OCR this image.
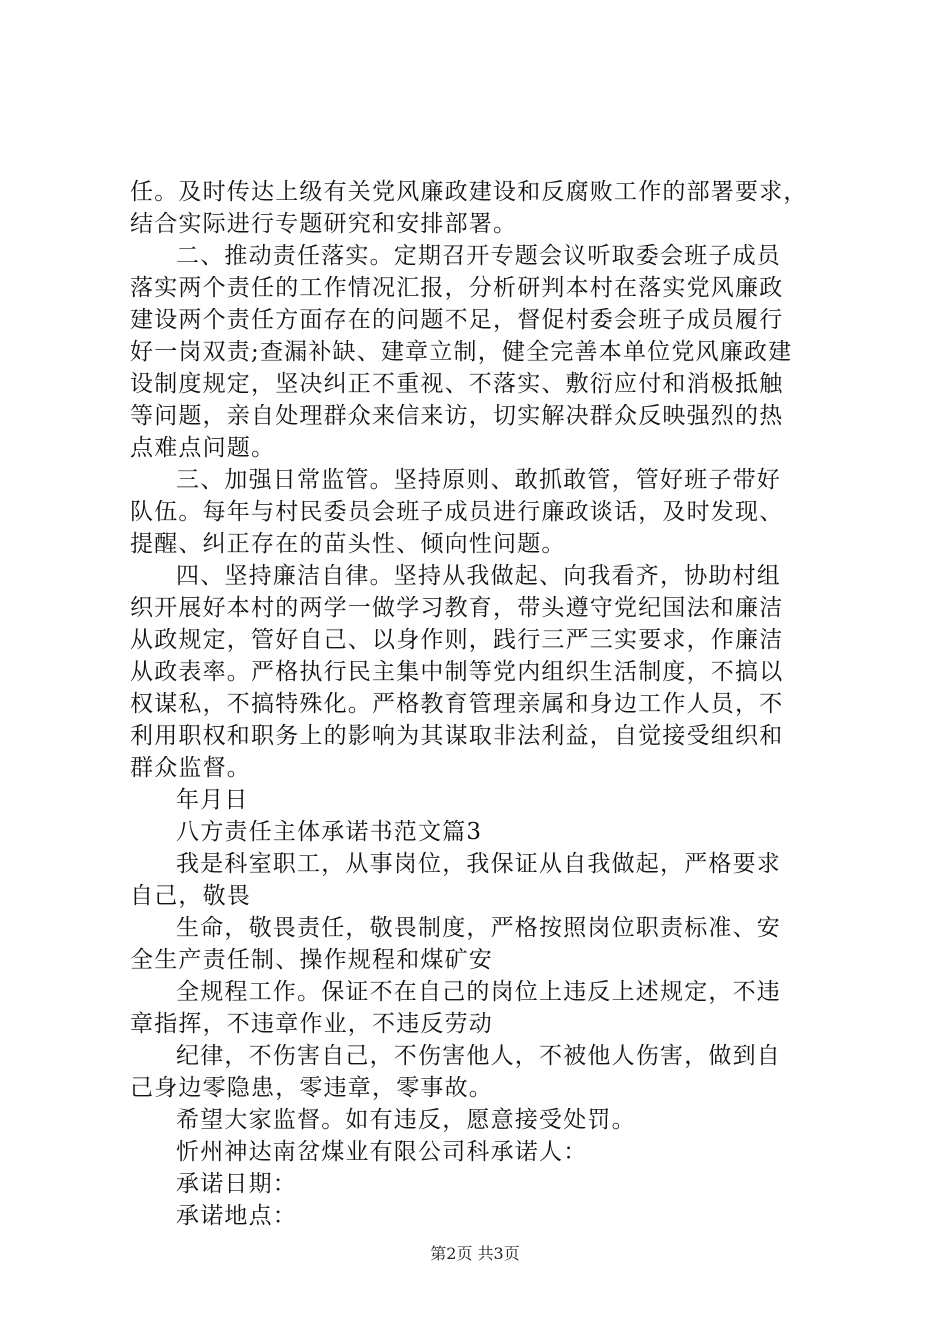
任。及时传达上级有关党风廉政建设和反腐败工作的部署要求，
结合实际进行专题研究和安排部署。
二、推动责任落实。定期召开专题会议听取委会班子成员
落实两个责任的工作情况汇报，分析研判本村在落实党风廉政
建设两个责任方面存在的问题不足，督促村委会班子成员履行
好一岗双责;查漏补缺、建章立制，健全完善本单位党风廉政建
设制度规定，坚决纠正不重视、不落实、敷衍应付和消极抵触
等问题，亲自处理群众来信来访，切实解决群众反映强烈的热
点难点问题。
三、加强日常监管。坚持原则、敢抓敢管，管好班子带好
队伍。每年与村民委员会班子成员进行廉政谈话，及时发现、
提醒、纠正存在的苗头性、倾向性问题。
四、坚持廉洁自律。坚持从我做起、向我看齐，协助村组
织开展好本村的两学一做学习教育，带头遵守党纪国法和廉洁
从政规定，管好自己、以身作则，践行三严三实要求，作廉洁
从政表率。严格执行民主集中制等党内组织生活制度，不搞以
权谋私，不搞特殊化。严格教育管理亲属和身边工作人员，不
利用职权和职务上的影响为其谋取非法利益，自觉接受组织和
群众监督。
年月日
八方责任主体承诺书范文篇3
我是科室职工，从事岗位，我保证从自我做起，严格要求
自己，敬畏
生命，敬畏责任，敬畏制度，严格按照岗位职责标准、安
全生产责任制、操作规程和煤矿安
全规程工作。保证不在自己的岗位上违反上述规定，不违
章指挥，不违章作业，不违反劳动
纪律，不伤害自己，不伤害他人，不被他人伤害，做到自
己身边零隐患，零违章，零事故。
希望大家监督。如有违反，愿意接受处罚。
忻州神达南岔煤业有限公司科承诺人：
承诺日期：
承诺地点：
第2页 共3页
